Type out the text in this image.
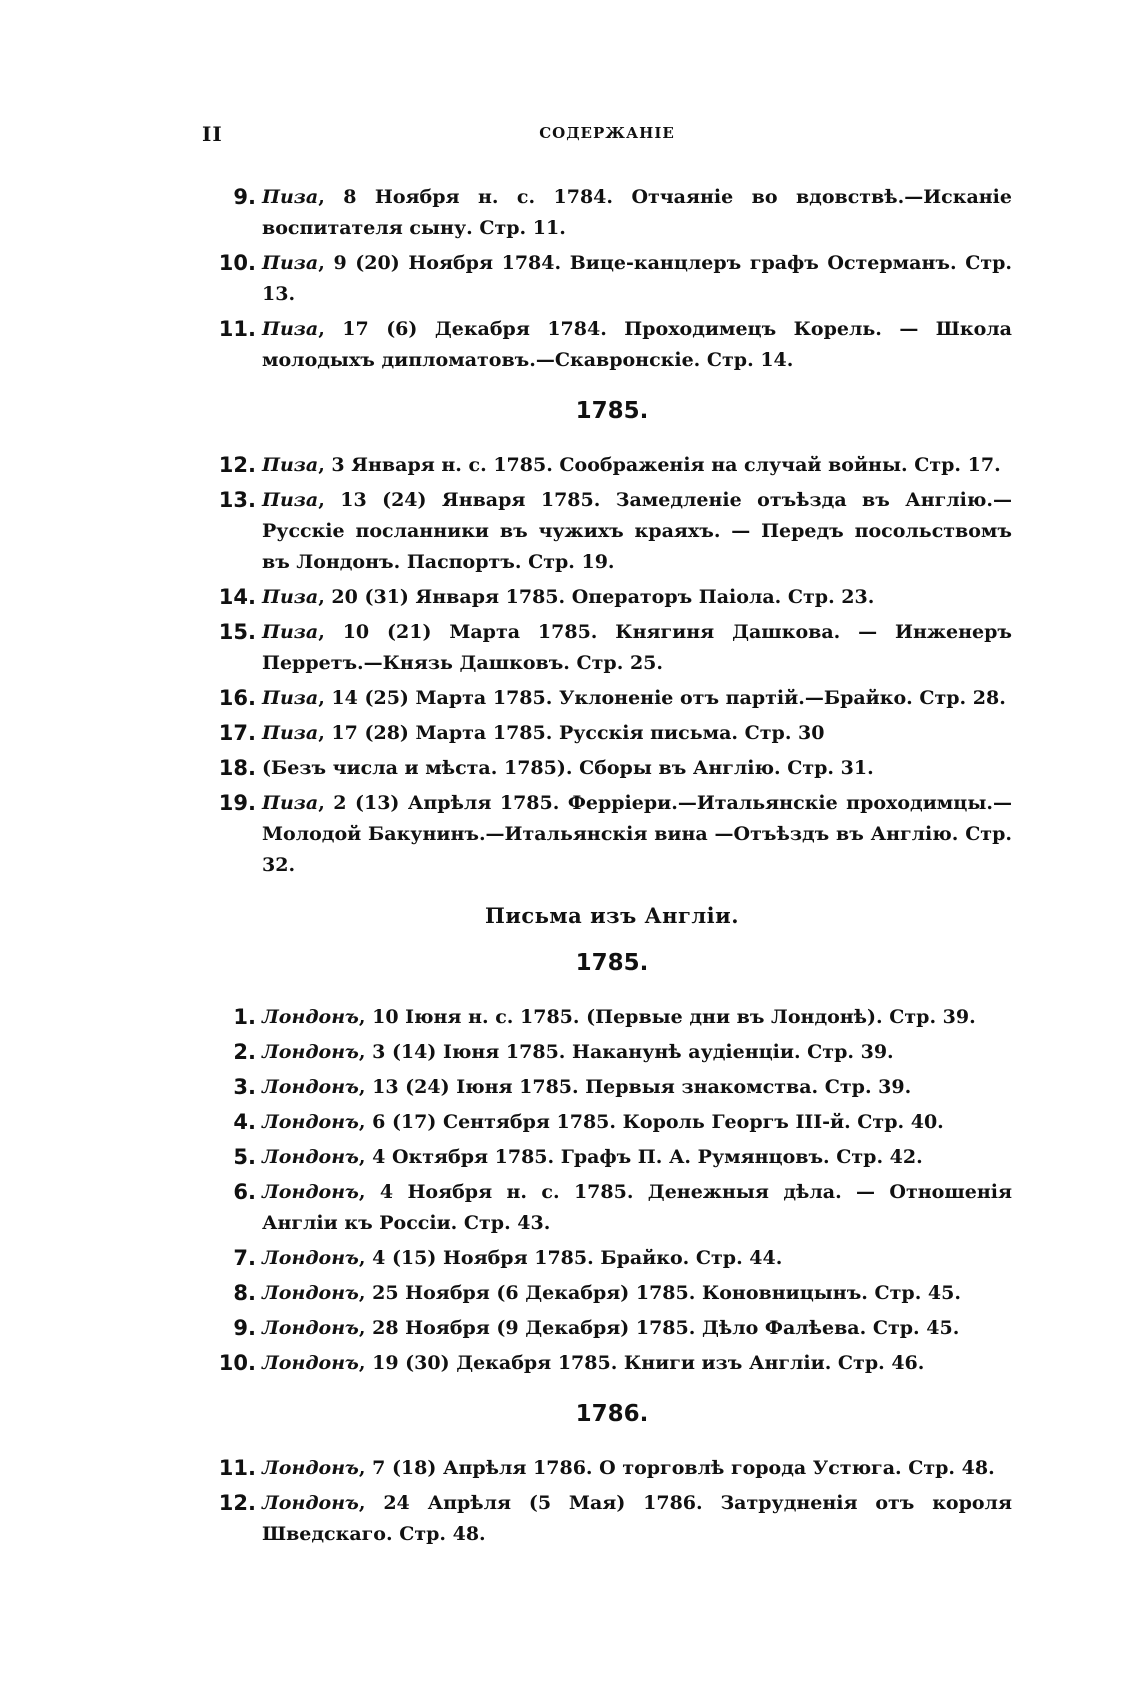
II	СОДЕРЖАНІЕ
9. Пиза, 8 Ноября н. с. 1784. Отчаяніе во вдовствѣ.—Исканіе воспитателя сыну. Стр. 11.
10. Пиза, 9 (20) Ноября 1784. Вице-канцлеръ графъ Остерманъ. Стр. 13.
11. Пиза, 17 (6) Декабря 1784. Проходимецъ Корель. — Школа молодыхъ дипломатовъ.—Скавронскіе. Стр. 14.
1785.
12. Пиза, 3 Января н. с. 1785. Соображенія на случай войны. Стр. 17.
13. Пиза, 13 (24) Января 1785. Замедленіе отъѣзда въ Англію.—Русскіе посланники въ чужихъ краяхъ. — Передъ посольствомъ въ Лондонъ. Паспортъ. Стр. 19.
14. Пиза, 20 (31) Января 1785. Операторъ Паіола. Стр. 23.
15. Пиза, 10 (21) Марта 1785. Княгиня Дашкова. — Инженеръ Перретъ.—Князь Дашковъ. Стр. 25.
16. Пиза, 14 (25) Марта 1785. Уклоненіе отъ партій.—Брайко. Стр. 28.
17. Пиза, 17 (28) Марта 1785. Русскія письма. Стр. 30
18. (Безъ числа и мѣста. 1785). Сборы въ Англію. Стр. 31.
19. Пиза, 2 (13) Апрѣля 1785. Ферріери.—Итальянскіе проходимцы.—Молодой Бакунинъ.—Итальянскія вина —Отъѣздъ въ Англію. Стр. 32.
Письма изъ Англіи.
1785.
1. Лондонъ, 10 Іюня н. с. 1785. (Первые дни въ Лондонѣ). Стр. 39.
2. Лондонъ, 3 (14) Іюня 1785. Наканунѣ аудіенціи. Стр. 39.
3. Лондонъ, 13 (24) Іюня 1785. Первыя знакомства. Стр. 39.
4. Лондонъ, 6 (17) Сентября 1785. Король Георгъ III-й. Стр. 40.
5. Лондонъ, 4 Октября 1785. Графъ П. А. Румянцовъ. Стр. 42.
6. Лондонъ, 4 Ноября н. с. 1785. Денежныя дѣла. — Отношенія Англіи къ Россіи. Стр. 43.
7. Лондонъ, 4 (15) Ноября 1785. Брайко. Стр. 44.
8. Лондонъ, 25 Ноября (6 Декабря) 1785. Коновницынъ. Стр. 45.
9. Лондонъ, 28 Ноября (9 Декабря) 1785. Дѣло Фалѣева. Стр. 45.
10. Лондонъ, 19 (30) Декабря 1785. Книги изъ Англіи. Стр. 46.
1786.
11. Лондонъ, 7 (18) Апрѣля 1786. О торговлѣ города Устюга. Стр. 48.
12. Лондонъ, 24 Апрѣля (5 Мая) 1786. Затрудненія отъ короля Шведскаго. Стр. 48.
